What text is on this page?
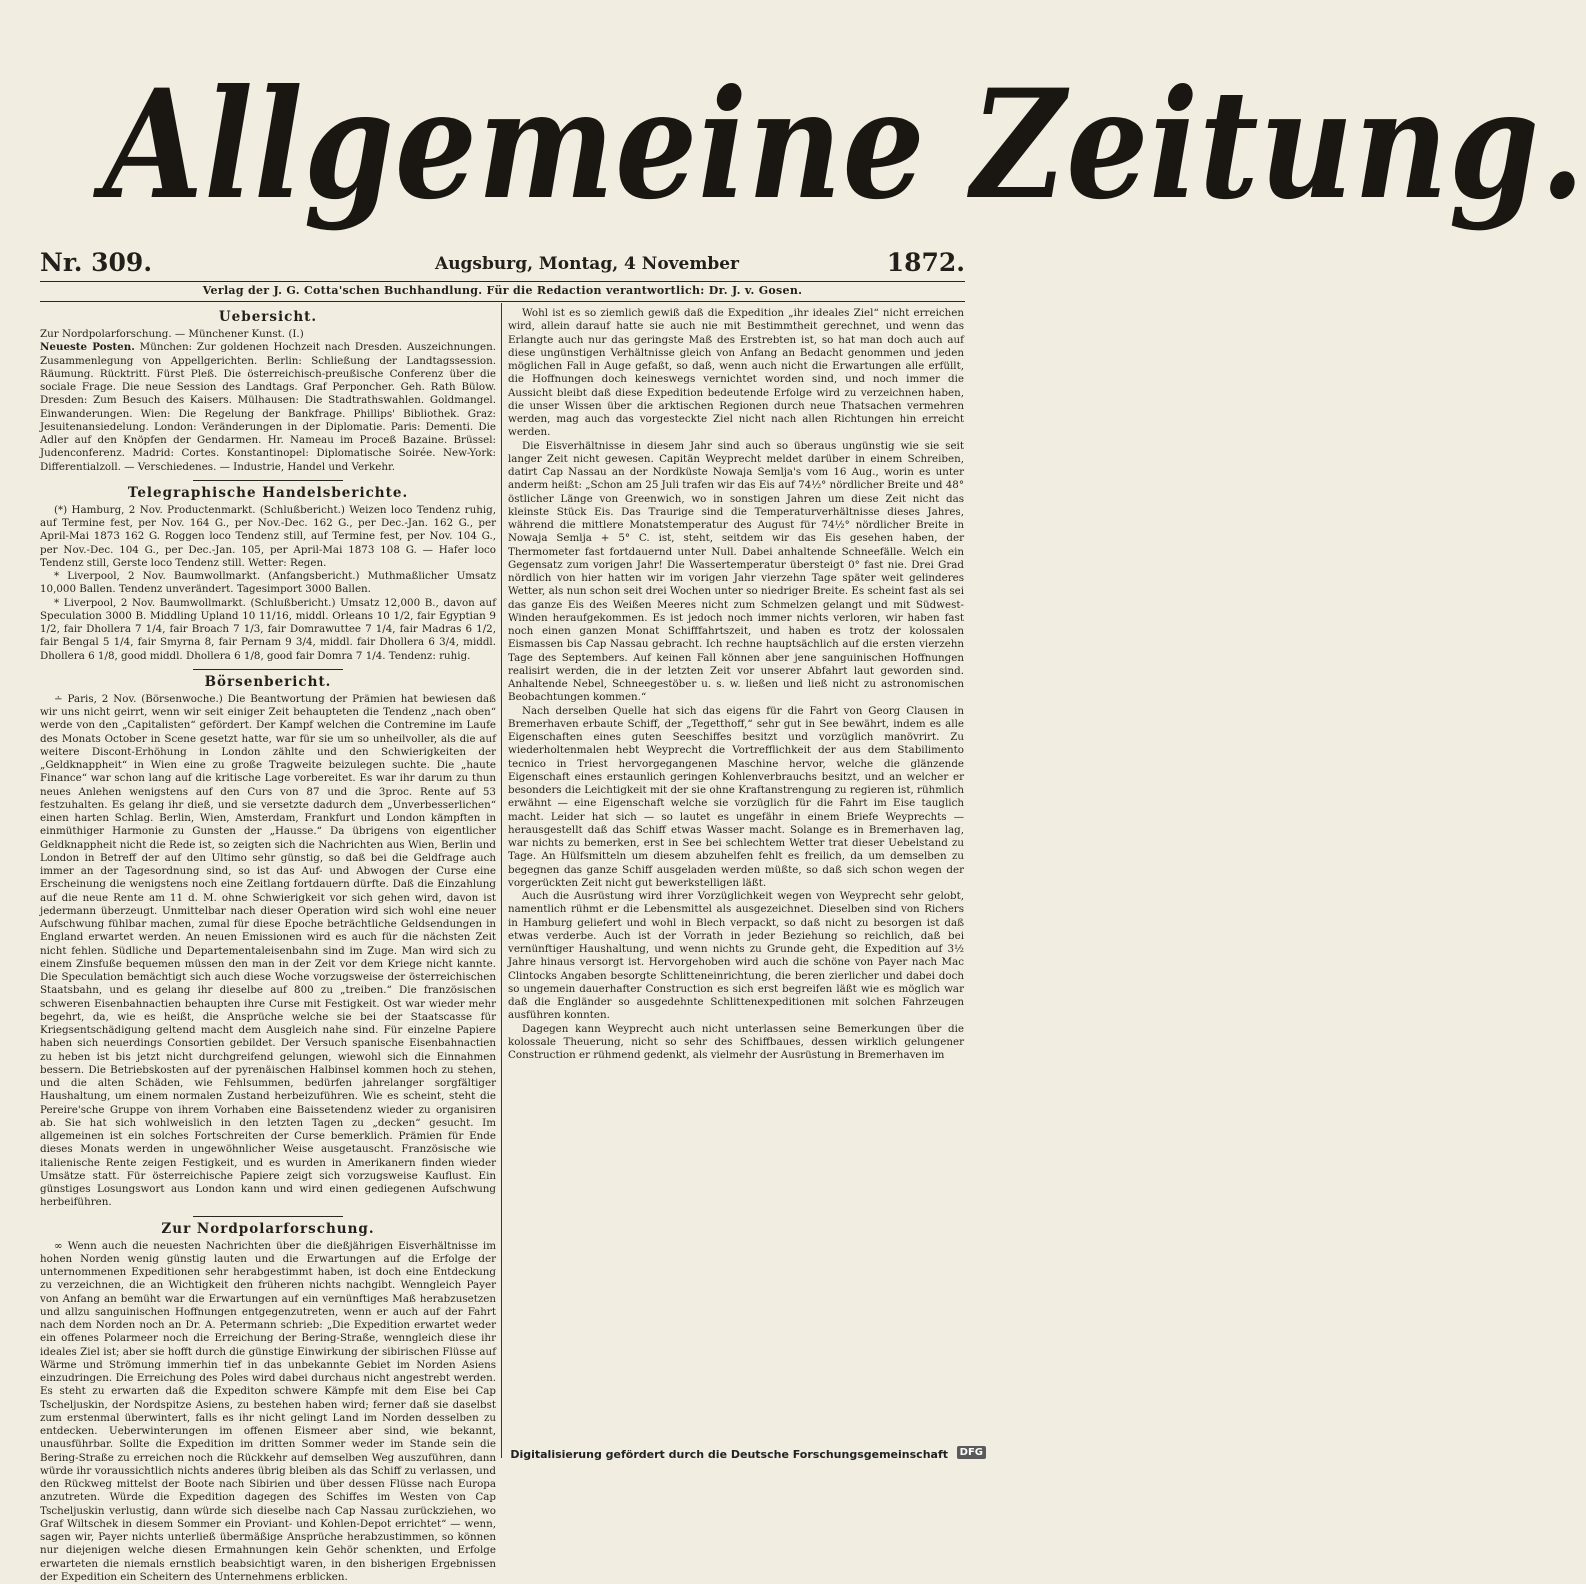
Allgemeine Zeitung.
Nr. 309.	Augsburg, Montag, 4 November	1872.
Verlag der J. G. Cotta'schen Buchhandlung. Für die Redaction verantwortlich: Dr. J. v. Gosen.
Uebersicht.

Zur Nordpolarforschung. — Münchener Kunst. (I.)

Neueste Posten. München: Zur goldenen Hochzeit nach Dresden. Auszeichnungen. Zusammenlegung von Appellgerichten. Berlin: Schließung der Landtagssession. Räumung. Rücktritt. Fürst Pleß. Die österreichisch-preußische Conferenz über die sociale Frage. Die neue Session des Landtags. Graf Perponcher. Geh. Rath Bülow. Dresden: Zum Besuch des Kaisers. Mülhausen: Die Stadtrathswahlen. Goldmangel. Einwanderungen. Wien: Die Regelung der Bankfrage. Phillips' Bibliothek. Graz: Jesuitenansiedelung. London: Veränderungen in der Diplomatie. Paris: Dementi. Die Adler auf den Knöpfen der Gendarmen. Hr. Nameau im Proceß Bazaine. Brüssel: Judenconferenz. Madrid: Cortes. Konstantinopel: Diplomatische Soirée. New-York: Differentialzoll. — Verschiedenes. — Industrie, Handel und Verkehr.

Telegraphische Handelsberichte.

(*) Hamburg, 2 Nov. Productenmarkt. (Schlußbericht.) Weizen loco Tendenz ruhig, auf Termine fest, per Nov. 164 G., per Nov.-Dec. 162 G., per Dec.-Jan. 162 G., per April-Mai 1873 162 G. Roggen loco Tendenz still, auf Termine fest, per Nov. 104 G., per Nov.-Dec. 104 G., per Dec.-Jan. 105, per April-Mai 1873 108 G. — Hafer loco Tendenz still, Gerste loco Tendenz still. Wetter: Regen.

* Liverpool, 2 Nov. Baumwollmarkt. (Anfangsbericht.) Muthmaßlicher Umsatz 10,000 Ballen. Tendenz unverändert. Tagesimport 3000 Ballen.

* Liverpool, 2 Nov. Baumwollmarkt. (Schlußbericht.) Umsatz 12,000 B., davon auf Speculation 3000 B. Middling Upland 10 11/16, middl. Orleans 10 1/2, fair Egyptian 9 1/2, fair Dhollera 7 1/4, fair Broach 7 1/3, fair Domrawuttee 7 1/4, fair Madras 6 1/2, fair Bengal 5 1/4, fair Smyrna 8, fair Pernam 9 3/4, middl. fair Dhollera 6 3/4, middl. Dhollera 6 1/8, good middl. Dhollera 6 1/8, good fair Domra 7 1/4. Tendenz: ruhig.

Börsenbericht.

∸ Paris, 2 Nov. (Börsenwoche.) Die Beantwortung der Prämien hat bewiesen daß wir uns nicht geirrt, wenn wir seit einiger Zeit behaupteten die Tendenz „nach oben“ werde von den „Capitalisten“ gefördert. Der Kampf welchen die Contremine im Laufe des Monats October in Scene gesetzt hatte, war für sie um so unheilvoller, als die auf weitere Discont-Erhöhung in London zählte und den Schwierigkeiten der „Geldknappheit“ in Wien eine zu große Tragweite beizulegen suchte. Die „haute Finance“ war schon lang auf die kritische Lage vorbereitet. Es war ihr darum zu thun neues Anlehen wenigstens auf den Curs von 87 und die 3proc. Rente auf 53 festzuhalten. Es gelang ihr dieß, und sie versetzte dadurch dem „Unverbesserlichen“ einen harten Schlag. Berlin, Wien, Amsterdam, Frankfurt und London kämpften in einmüthiger Harmonie zu Gunsten der „Hausse.“ Da übrigens von eigentlicher Geldknappheit nicht die Rede ist, so zeigten sich die Nachrichten aus Wien, Berlin und London in Betreff der auf den Ultimo sehr günstig, so daß bei die Geldfrage auch immer an der Tagesordnung sind, so ist das Auf- und Abwogen der Curse eine Erscheinung die wenigstens noch eine Zeitlang fortdauern dürfte. Daß die Einzahlung auf die neue Rente am 11 d. M. ohne Schwierigkeit vor sich gehen wird, davon ist jedermann überzeugt. Unmittelbar nach dieser Operation wird sich wohl eine neuer Aufschwung fühlbar machen, zumal für diese Epoche beträchtliche Geldsendungen in England erwartet werden. An neuen Emissionen wird es auch für die nächsten Zeit nicht fehlen. Südliche und Departementaleisenbahn sind im Zuge. Man wird sich zu einem Zinsfuße bequemen müssen den man in der Zeit vor dem Kriege nicht kannte. Die Speculation bemächtigt sich auch diese Woche vorzugsweise der österreichischen Staatsbahn, und es gelang ihr dieselbe auf 800 zu „treiben.“ Die französischen schweren Eisenbahnactien behaupten ihre Curse mit Festigkeit. Ost war wieder mehr begehrt, da, wie es heißt, die Ansprüche welche sie bei der Staatscasse für Kriegsentschädigung geltend macht dem Ausgleich nahe sind. Für einzelne Papiere haben sich neuerdings Consortien gebildet. Der Versuch spanische Eisenbahnactien zu heben ist bis jetzt nicht durchgreifend gelungen, wiewohl sich die Einnahmen bessern. Die Betriebskosten auf der pyrenäischen Halbinsel kommen hoch zu stehen, und die alten Schäden, wie Fehlsummen, bedürfen jahrelanger sorgfältiger Haushaltung, um einem normalen Zustand herbeizuführen. Wie es scheint, steht die Pereire'sche Gruppe von ihrem Vorhaben eine Baissetendenz wieder zu organisiren ab. Sie hat sich wohlweislich in den letzten Tagen zu „decken“ gesucht. Im allgemeinen ist ein solches Fortschreiten der Curse bemerklich. Prämien für Ende dieses Monats werden in ungewöhnlicher Weise ausgetauscht. Französische wie italienische Rente zeigen Festigkeit, und es wurden in Amerikanern finden wieder Umsätze statt. Für österreichische Papiere zeigt sich vorzugsweise Kauflust. Ein günstiges Losungswort aus London kann und wird einen gediegenen Aufschwung herbeiführen.

Zur Nordpolarforschung.

∞ Wenn auch die neuesten Nachrichten über die dießjährigen Eisverhältnisse im hohen Norden wenig günstig lauten und die Erwartungen auf die Erfolge der unternommenen Expeditionen sehr herabgestimmt haben, ist doch eine Entdeckung zu verzeichnen, die an Wichtigkeit den früheren nichts nachgibt. Wenngleich Payer von Anfang an bemüht war die Erwartungen auf ein vernünftiges Maß herabzusetzen und allzu sanguinischen Hoffnungen entgegenzutreten, wenn er auch auf der Fahrt nach dem Norden noch an Dr. A. Petermann schrieb: „Die Expedition erwartet weder ein offenes Polarmeer noch die Erreichung der Bering-Straße, wenngleich diese ihr ideales Ziel ist; aber sie hofft durch die günstige Einwirkung der sibirischen Flüsse auf Wärme und Strömung immerhin tief in das unbekannte Gebiet im Norden Asiens einzudringen. Die Erreichung des Poles wird dabei durchaus nicht angestrebt werden. Es steht zu erwarten daß die Expediton schwere Kämpfe mit dem Eise bei Cap Tscheljuskin, der Nordspitze Asiens, zu bestehen haben wird; ferner daß sie daselbst zum erstenmal überwintert, falls es ihr nicht gelingt Land im Norden desselben zu entdecken. Ueberwinterungen im offenen Eismeer aber sind, wie bekannt, unausführbar. Sollte die Expedition im dritten Sommer weder im Stande sein die Bering-Straße zu erreichen noch die Rückkehr auf demselben Weg auszuführen, dann würde ihr voraussichtlich nichts anderes übrig bleiben als das Schiff zu verlassen, und den Rückweg mittelst der Boote nach Sibirien und über dessen Flüsse nach Europa anzutreten. Würde die Expedition dagegen des Schiffes im Westen von Cap Tscheljuskin verlustig, dann würde sich dieselbe nach Cap Nassau zurückziehen, wo Graf Wiltschek in diesem Sommer ein Proviant- und Kohlen-Depot errichtet“ — wenn, sagen wir, Payer nichts unterließ übermäßige Ansprüche herabzustimmen, so können nur diejenigen welche diesen Ermahnungen kein Gehör schenkten, und Erfolge erwarteten die niemals ernstlich beabsichtigt waren, in den bisherigen Ergebnissen der Expedition ein Scheitern des Unternehmens erblicken.

Wohl ist es so ziemlich gewiß daß die Expedition „ihr ideales Ziel“ nicht erreichen wird, allein darauf hatte sie auch nie mit Bestimmtheit gerechnet, und wenn das Erlangte auch nur das geringste Maß des Erstrebten ist, so hat man doch auch auf diese ungünstigen Verhältnisse gleich von Anfang an Bedacht genommen und jeden möglichen Fall in Auge gefaßt, so daß, wenn auch nicht die Erwartungen alle erfüllt, die Hoffnungen doch keineswegs vernichtet worden sind, und noch immer die Aussicht bleibt daß diese Expedition bedeutende Erfolge wird zu verzeichnen haben, die unser Wissen über die arktischen Regionen durch neue Thatsachen vermehren werden, mag auch das vorgesteckte Ziel nicht nach allen Richtungen hin erreicht werden.

Die Eisverhältnisse in diesem Jahr sind auch so überaus ungünstig wie sie seit langer Zeit nicht gewesen. Capitän Weyprecht meldet darüber in einem Schreiben, datirt Cap Nassau an der Nordküste Nowaja Semlja's vom 16 Aug., worin es unter anderm heißt: „Schon am 25 Juli trafen wir das Eis auf 74½° nördlicher Breite und 48° östlicher Länge von Greenwich, wo in sonstigen Jahren um diese Zeit nicht das kleinste Stück Eis. Das Traurige sind die Temperaturverhältnisse dieses Jahres, während die mittlere Monatstemperatur des August für 74½° nördlicher Breite in Nowaja Semlja + 5° C. ist, steht, seitdem wir das Eis gesehen haben, der Thermometer fast fortdauernd unter Null. Dabei anhaltende Schneefälle. Welch ein Gegensatz zum vorigen Jahr! Die Wassertemperatur übersteigt 0° fast nie. Drei Grad nördlich von hier hatten wir im vorigen Jahr vierzehn Tage später weit gelinderes Wetter, als nun schon seit drei Wochen unter so niedriger Breite. Es scheint fast als sei das ganze Eis des Weißen Meeres nicht zum Schmelzen gelangt und mit Südwest-Winden heraufgekommen. Es ist jedoch noch immer nichts verloren, wir haben fast noch einen ganzen Monat Schifffahrtszeit, und haben es trotz der kolossalen Eismassen bis Cap Nassau gebracht. Ich rechne hauptsächlich auf die ersten vierzehn Tage des Septembers. Auf keinen Fall können aber jene sanguinischen Hoffnungen realisirt werden, die in der letzten Zeit vor unserer Abfahrt laut geworden sind. Anhaltende Nebel, Schneegestöber u. s. w. ließen und ließ nicht zu astronomischen Beobachtungen kommen.“

Nach derselben Quelle hat sich das eigens für die Fahrt von Georg Clausen in Bremerhaven erbaute Schiff, der „Tegetthoff,“ sehr gut in See bewährt, indem es alle Eigenschaften eines guten Seeschiffes besitzt und vorzüglich manövrirt. Zu wiederholtenmalen hebt Weyprecht die Vortrefflichkeit der aus dem Stabilimento tecnico in Triest hervorgegangenen Maschine hervor, welche die glänzende Eigenschaft eines erstaunlich geringen Kohlenverbrauchs besitzt, und an welcher er besonders die Leichtigkeit mit der sie ohne Kraftanstrengung zu regieren ist, rühmlich erwähnt — eine Eigenschaft welche sie vorzüglich für die Fahrt im Eise tauglich macht. Leider hat sich — so lautet es ungefähr in einem Briefe Weyprechts — herausgestellt daß das Schiff etwas Wasser macht. Solange es in Bremerhaven lag, war nichts zu bemerken, erst in See bei schlechtem Wetter trat dieser Uebelstand zu Tage. An Hülfsmitteln um diesem abzuhelfen fehlt es freilich, da um demselben zu begegnen das ganze Schiff ausgeladen werden müßte, so daß sich schon wegen der vorgerückten Zeit nicht gut bewerkstelligen läßt.

Auch die Ausrüstung wird ihrer Vorzüglichkeit wegen von Weyprecht sehr gelobt, namentlich rühmt er die Lebensmittel als ausgezeichnet. Dieselben sind von Richers in Hamburg geliefert und wohl in Blech verpackt, so daß nicht zu besorgen ist daß etwas verderbe. Auch ist der Vorrath in jeder Beziehung so reichlich, daß bei vernünftiger Haushaltung, und wenn nichts zu Grunde geht, die Expedition auf 3½ Jahre hinaus versorgt ist. Hervorgehoben wird auch die schöne von Payer nach Mac Clintocks Angaben besorgte Schlitteneinrichtung, die beren zierlicher und dabei doch so ungemein dauerhafter Construction es sich erst begreifen läßt wie es möglich war daß die Engländer so ausgedehnte Schlittenexpeditionen mit solchen Fahrzeugen ausführen konnten.

Dagegen kann Weyprecht auch nicht unterlassen seine Bemerkungen über die kolossale Theuerung, nicht so sehr des Schiffbaues, dessen wirklich gelungener Construction er rühmend gedenkt, als vielmehr der Ausrüstung in Bremerhaven im

Digitalisierung gefördert durch die Deutsche Forschungsgemeinschaft	DFG
